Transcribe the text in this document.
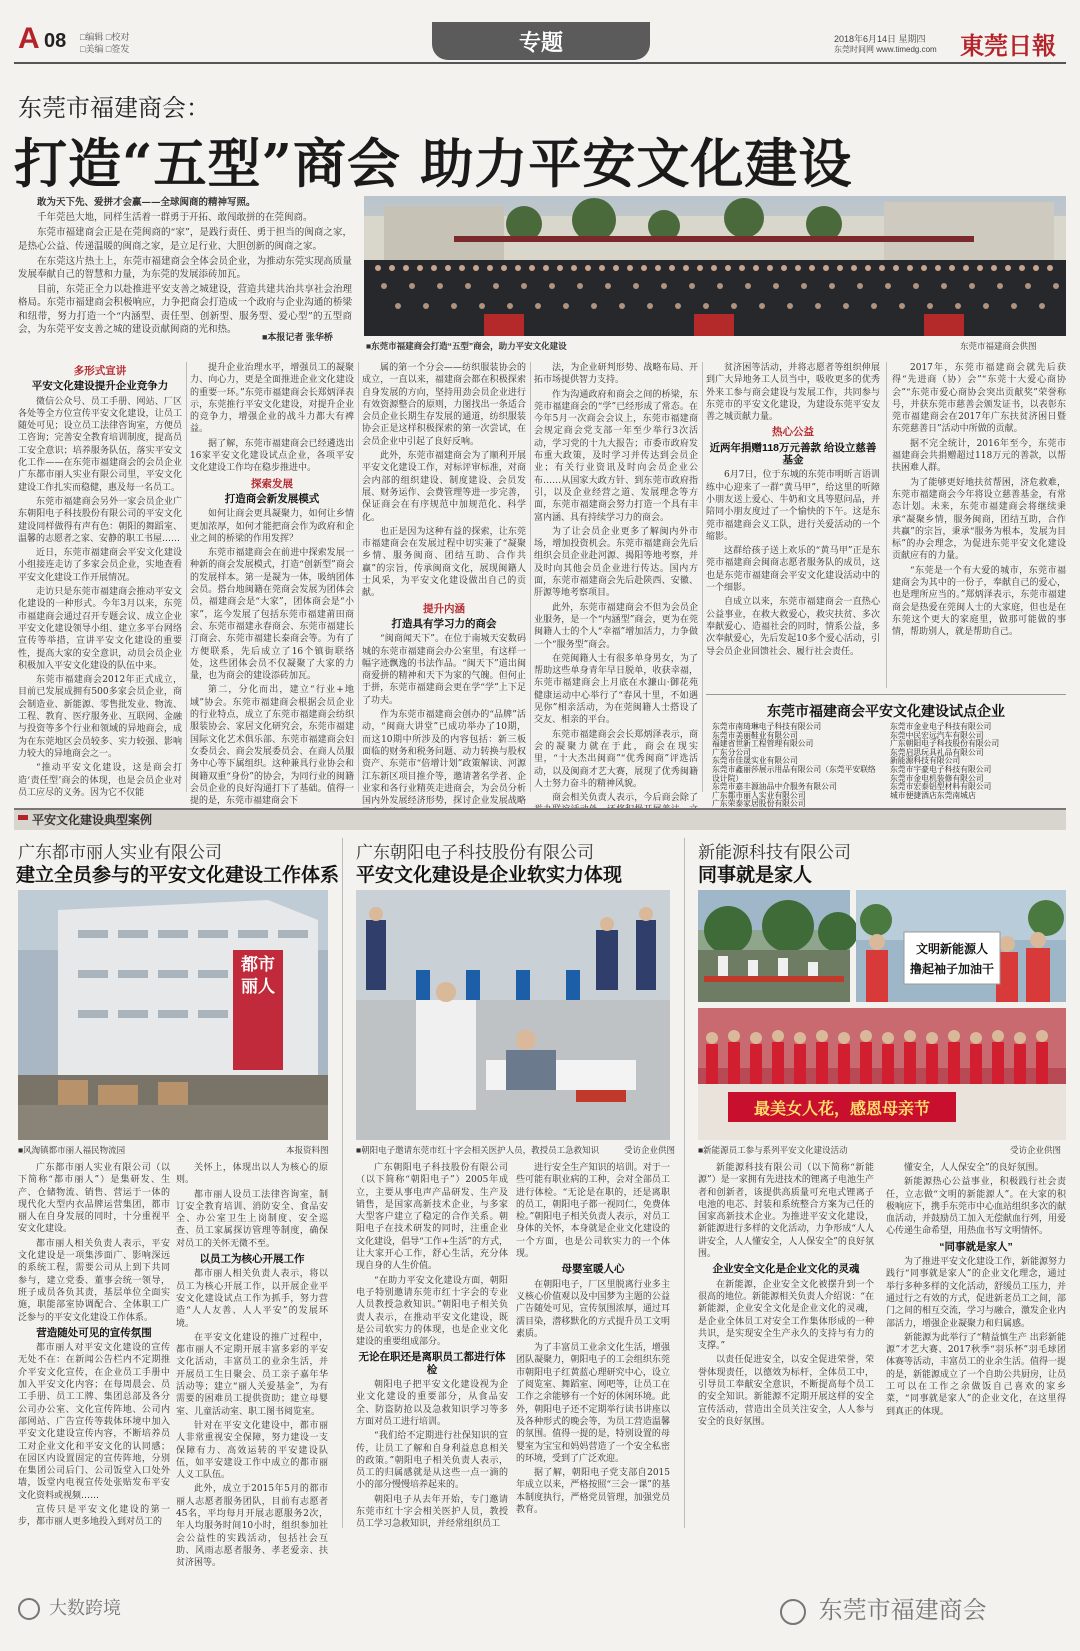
A 08 □编辑 □校对
□美编 □签发	专题	2018年6月14日 星期四
东莞时间网 www.timedg.com 東莞日報
东莞市福建商会：
打造“五型”商会 助力平安文化建设

敢为天下先、爱拼才会赢——全球闽商的精神写照。

千年莞邑大地，同样生活着一群勇于开拓、敢闯敢拼的在莞闽商。

东莞市福建商会正是在莞闽商的“家”，是践行责任、勇于担当的闽商之家，是热心公益、传递温暖的闽商之家，是立足行业、大胆创新的闽商之家。

在东莞这片热土上，东莞市福建商会全体会员企业，为推动东莞实现高质量发展奉献自己的智慧和力量，为东莞的发展添砖加瓦。

目前，东莞正全力以赴推进平安支善之城建设，营造共建共治共享社会治理格局。东莞市福建商会积极响应，力争把商会打造成一个政府与企业沟通的桥梁和纽带，努力打造一个“内涵型、责任型、创新型、服务型、爱心型”的五型商会，为东莞平安支善之城的建设贡献闽商的光和热。

■本报记者 张华桥
■东莞市福建商会打造“五型”商会，助力平安文化建设	东莞市福建商会供图
多形式宣讲
平安文化建设提升企业竞争力

微信公众号、员工手册、网站、厂区各处等全方位宣传平安文化建设，让员工随处可见；设立员工法律咨询室，方便员工咨询；完善安全教育培训制度，提高员工安全意识；培养服务队伍，落实平安文化工作——在东莞市福建商会的会员企业广东都市丽人实业有限公司里，平安文化建设工作扎实而稳健，惠及每一名员工。

东莞市福建商会另外一家会员企业广东朝阳电子科技股份有限公司的平安文化建设同样做得有声有色：朝阳的舞蹈室、温馨的志愿者之家、安静的职工书屋……

近日，东莞市福建商会平安文化建设小组接连走访了多家会员企业，实地查看平安文化建设工作开展情况。

走访只是东莞市福建商会推动平安文化建设的一种形式。今年3月以来，东莞市福建商会通过召开专题会议、成立企业平安文化建设领导小组、建立多平台网络宣传等举措，宣讲平安文化建设的重要性，提高大家的安全意识，动员会员企业积极加入平安文化建设的队伍中来。

东莞市福建商会2012年正式成立，目前已发展成拥有500多家会员企业，商会制造业、新能源、零售批发业、物流、工程、教育、医疗服务业、互联网、金融与投资等多个行业和领域的异地商会，成为在东莞地区会员较多、实力较强、影响力较大的异地商会之一。

“推动平安文化建设，这是商会打造‘责任型’商会的体现，也是会员企业对员工应尽的义务。因为它不仅能

提升企业治理水平，增强员工的凝聚力、向心力，更是全面推进企业文化建设的重要一环。”东莞市福建商会长郑炳泽表示，东莞推行平安文化建设，对提升企业的竞争力，增强企业的战斗力都大有裨益。

据了解，东莞市福建商会已经遴选出16家平安文化建设试点企业，各项平安文化建设工作均在稳步推进中。

探索发展
打造商会新发展模式

如何让商会更具凝聚力，如何让乡情更加浓厚，如何才能把商会作为政府和企业之间的桥梁的作用发挥？

东莞市福建商会在前进中探索发展一种新的商会发展模式，打造“创新型”商会的发展样本。第一是凝为一体，吸纳团体会员。搭台地闽籍在莞商会发展为团体会员，福建商会是“大家”，团体商会是“小家”，迄今发展了包括东莞市福建莆田商会、东莞市福建永春商会、东莞市福建长汀商会、东莞市福建长泰商会等。为有了方便联系，先后成立了16个镇街联络处，这些团体会员不仅凝聚了大家的力量，也为商会的建设添砖加瓦。

第二，分化而出，建立“行业+地域”协会。东莞市福建商会根据会员企业的行业特点，成立了东莞市福建商会纺织服装协会、家居文化研究会，东莞市福建国际文化艺术俱乐部、东莞市福建商会妇女委员会、商会发展委员会、在商人员服务中心等下属组织。这种兼具行业协会和闽籍双重“身份”的协会，为同行业的闽籍会员企业的良好沟通打下了基础。值得一提的是，东莞市福建商会下

属的第一个分会——纺织服装协会的成立，一直以来，福建商会都在积极探索自身发展的方向，坚持用劲会员企业进行有效资源整合的原则，力图找出一条适合会员企业长期生存发展的通道，纺织服装协会正是这样积极探索的第一次尝试，在会员企业中引起了良好反响。

此外，东莞市福建商会为了顺利开展平安文化建设工作，对标评审标准，对商会内部的组织建设、制度建设、会员发展、财务运作、会费管理等进一步完善，保证商会在有序规范中加规范化、科学化。

也正是因为这种有益的探索，让东莞市福建商会在发展过程中切实兼了“凝聚乡情、服务闽商、团结互助、合作共赢”的宗旨，传承闽商文化，展现闽籍人士风采，为平安文化建设做出自己的贡献。

提升内涵
打造具有学习力的商会

“闽商闻天下”。在位于南城天安数码城的东莞市福建商会办公室里，有这样一幅字迹飘逸的书法作品。“闽天下”道出闽商爱拼的精神和天下为家的气魄。但何止于拼，东莞市福建商会更在学“学”上下足了功夫。

作为东莞市福建商会创办的“品牌”活动，“闽商大讲堂”已成功举办了10期，而这10期中所涉及的内容包括：新三板面临的财务和税务问题、动力转换与股权资产、东莞市“倍增计划”政策解读、河源江东新区项目推介等，邀请著名学者、企业家和各行业精英走进商会，为会员分析国内外发展经济形势，探讨企业发展战略

法，为企业研判形势、战略布局、开拓市场提供智力支持。

作为沟通政府和商会之间的桥梁，东莞市福建商会的“学”已经形成了常态。在今年5月一次商会会议上，东莞市福建商会规定商会党支部一年至少举行3次活动，学习党的十九大报告；市委市政府发布重大政策，及时学习并传达到会员企业；有关行业资讯及时向会员企业公布……从国家大政方针、到东莞市政府指引，以及企业经营之道、发展理念等方面，东莞市福建商会努力打造一个具有丰富内涵、具有持续学习力的商会。

为了让会员企业更多了解闽内外市场，增加投资机会。东莞市福建商会先后组织会员企业赴河源、揭阳等地考察，并及时向其他会员企业进行传达。国内方面，东莞市福建商会先后赴陕西、安徽、肝源等地考察项目。

此外，东莞市福建商会不但为会员企业服务，是一个“内涵型”商会，更为在莞闽籍人士的个人“幸福”增加活力，力争做一个“服务型”商会。

在莞闽籍人士有很多单身男女，为了帮助这些单身青年早日脱单，收获幸福，东莞市福建商会上月底在水濂山·御花苑健康运动中心举行了“春风十里，不如遇见你”相亲活动，为在莞闽籍人士搭设了交友、相亲的平台。

东莞市福建商会会长郑炳泽表示，商会的凝聚力就在于此，商会在现实里，“十大杰出闽商”“优秀闽商”评选活动，以及闽商才艺大赛，展现了优秀闽籍人士努力奋斗的精神风貌。

商会相关负责人表示，今后商会除了

贫济困等活动，并将志愿者等组织伸展到广大异地务工人员当中，吸收更多的优秀外来工参与商会建设与发展工作，共同参与东莞市的平安文化建设，为建设东莞平安友善之城贡献力量。

热心公益
近两年捐赠118万元善款 给设立慈善基金

6月7日，位于东城的东莞市明昕言语训练中心迎来了一群“黄马甲”，给这里的听障小朋友送上爱心、牛奶和文具等慰问品，并陪同小朋友度过了一个愉快的下午。这是东莞市福建商会义工队，进行关爱活动的一个缩影。

这群给孩子送上欢乐的“黄马甲”正是东莞市福建商会闽商志愿者服务队的成员，这也是东莞市福建商会平安文化建设活动中的一个细影。

自成立以来，东莞市福建商会一直热心公益事业，在救大救爱心，救灾扶贫、多次奉献爱心、造福社会的同时，情系公益，多次奉献爱心，先后发起10多个爱心活动，引导会员企业回馈社会、履行社会责任。

2017年，东莞市福建商会就先后获得“先进商（协）会”“东莞十大爱心商协会”“东莞市爱心商协会突出贡献奖”荣誉称号，并获东莞市慈善会颁发证书，以表彰东莞市福建商会在2017年广东扶贫济困日暨东莞慈善日”活动中所做的贡献。

据不完全统计，2016年至今，东莞市福建商会共捐赠超过118万元的善款，以帮扶困难人群。

为了能够更好地扶贫帮困，济危救难，东莞市福建商会今年将设立慈善基金，有常态计划。未来，东莞市福建商会将继续秉承“凝聚乡情，服务闽商，团结互助，合作共赢”的宗旨，秉承“服务为根本，发展为目标”的办会理念，为促进东莞平安文化建设贡献应有的力量。

“东莞是一个有大爱的城市，东莞市福建商会为其中的一份子，奉献自己的爱心，也是理所应当的。”郑炳泽表示，东莞市福建商会是热爱在莞闽人士的大家庭，但也是在东莞这个更大的家庭里，做那可能做的事情，帮助别人，就是帮助自己。

东莞市福建商会平安文化建设试点企业
东莞市南琦琳电子科技有限公司
东莞市美丽鞋业有限公司
福建省世新工程管理有限公司
广东分公司
东莞市佳晟实业有限公司
东莞市鑫丽莎展示用品有限公司（东莞平安联络设计院）
东莞市嘉丰源油品中介服务有限公司
广东都市丽人实业有限公司
广东荣泰家居股份有限公司
东莞市金业电子科技有限公司
东莞中民宏远汽车有限公司
广东朝阳电子科技股份有限公司
东莞启思玩具礼品有限公司
新能源科技有限公司
东莞市宇豪电子科技有限公司
东莞市金电机装修有限公司
东莞市宏泰铝型材料有限公司
城市便捷酒店东莞南城店
平安文化建设典型案例
广东都市丽人实业有限公司
建立全员参与的平安文化建设工作体系
都市丽人
■风淘镇都市丽人福民物流园	本报资料图

广东都市丽人实业有限公司（以下简称“都市丽人”）是集研发、生产、仓储物流、销售、营运于一体的现代化大型内衣品牌运营集团，都市丽人在自身发展的同时，十分重视平安文化建设。

都市丽人相关负责人表示，平安文化建设是一项集涉面广、影响深远的系统工程，需要公司从上到下共同参与，建立党委、董事会统一领导，班子成员各负其责，基层单位全面实施，职能部室协调配合、全体职工广泛参与的平安文化建设工作体系。

营造随处可见的宣传氛围

都市丽人对平安文化建设的宣传无处不在：在新闻公告栏内不定期推介平安文化宣传，在企业员工手册中加入平安文化内容；在每周晨会、员工手册、员工工牌、集团总部及各分公司办公室、文化宣传阵地、公司内部网站、广告宣传等载体环境中加入平安文化建设宣传内容，不断培养员工对企业文化和平安文化的认同感；在园区内设置固定的宣传阵地，分别在集团公司后门、公司饭堂入口处外墙，饭堂内电视宣传处张贴发布平安文化资料或视频……

宣传只是平安文化建设的第一步，都市丽人更多地投入到对员工的

关怀上，体现出以人为核心的原则。

都市丽人设员工法律咨询室，制订安全教育培训、消防安全、食品安全、办公室卫生上岗制度、安全巡查、员工家属探访管理等制度，确保对员工的关怀无微不至。

以员工为核心开展工作

都市丽人相关负责人表示，将以员工为核心开展工作，以开展企业平安文化建设试点工作为抓手，努力营造“人人友善、人人平安”的发展环境。

在平安文化建设的推广过程中，都市丽人不定期开展丰富多彩的平安文化活动，丰富员工的业余生活，并开展员工生日聚会、员工亲子嘉年华活动等；建立“丽人关爱基金”，为有需要的困难员工提供资助；建立母婴室、儿童活动室、职工图书阅览室。

针对在平安文化建设中，都市丽人非常重视安全保障，努力建设一支保障有力、高效运转的平安建设队伍，如平安建设工作中成立的都市丽人义工队伍。

此外，成立于2015年5月的都市丽人志愿者服务团队，目前有志愿者45名，平均每月开展志愿服务2次，年人均服务时间10小时，组织参加社会公益性的实践活动，包括社会互助、风雨志愿者服务、孝老爱亲、扶贫济困等。

广东朝阳电子科技股份有限公司
平安文化建设是企业软实力体现
■朝阳电子邀请东莞市红十字会相关医护人员，教授员工急救知识	受访企业供图

广东朝阳电子科技股份有限公司（以下简称“朝阳电子”）2005年成立，主要从事电声产品研发、生产及销售，是国家高新技术企业，与多家大型客户建立了稳定的合作关系。朝阳电子在技术研发的同时，注重企业文化建设，倡导“工作+生活”的方式，让大家开心工作，舒心生活，充分体现自身的人生价值。

“在助力平安文化建设方面，朝阳电子特别邀请东莞市红十字会的专业人员教授急救知识。”朝阳电子相关负责人表示，在推动平安文化建设，既是公司软实力的体现，也是企业文化建设的重要组成部分。

无论在职还是离职员工都进行体检

朝阳电子把平安文化建设视为企业文化建设的重要部分，从食品安全、防盗防抢以及急救知识学习等多方面对员工进行培训。

“我们给不定期进行社保知识的宣传，让员工了解和自身利益息息相关的政策。”朝阳电子相关负责人表示，员工的归属感就是从这些一点一滴的小的部分慢慢培养起来的。

朝阳电子从去年开始，专门邀请东莞市红十字会相关医护人员，教授员工学习急救知识，并经常组织员工

进行安全生产知识的培训。对于一些可能有职业病的工种，会对全部员工进行体检。“无论是在职的，还是离职的员工，朝阳电子都一视同仁，免费体检。”朝阳电子相关负责人表示，对员工身体的关怀，本身就是企业文化建设的一个方面，也是公司软实力的一个体现。

母婴室暖人心

在朝阳电子，厂区里脱离行业多主义核心价值观以及中国梦为主题的公益广告随处可见，宣传氛围浓厚，通过耳濡目染，潜移默化的方式提升员工文明素质。

为了丰富员工业余文化生活，增强团队凝聚力，朝阳电子的工会组织东莞市朝阳电子红黄蓝心理研究中心，设立了阅览室、舞蹈室、网吧等，让员工在工作之余能够有一个好的休闲环境。此外，朝阳电子还不定期举行读书讲座以及各种形式的晚会等，为员工营造温馨的氛围。值得一提的是，特别设置的母婴室为宝宝和妈妈营造了一个安全私密的环境，受到了广泛欢迎。

据了解，朝阳电子党支部自2015年成立以来，严格按照“三会一课”的基本制度执行，严格党员管理，加强党员教育。

新能源科技有限公司
同事就是家人
文明新能源人
撸起袖子加油干
最美女人花，感恩母亲节
■新能源员工参与系列平安文化建设活动	受访企业供图

新能源科技有限公司（以下简称“新能源”）是一家拥有先进技术的锂离子电池生产者和创新者，该提供高质量可充电式锂离子电池的电芯、封装和系统整合方案为己任的国家高新技术企业。为推进平安文化建设，新能源进行多样的文化活动，力争形成“人人讲安全，人人懂安全，人人保安全”的良好氛围。

企业安全文化是企业文化的灵魂

在新能源，企业安全文化被摆升到一个很高的地位。新能源相关负责人介绍说：“在新能源，企业安全文化是企业文化的灵魂，是企业全体员工对安全工作集体形成的一种共识，是实现安全生产永久的支持与有力的支撑。”

以责任促进安全，以安全促进荣誉，荣誉体现责任，以德效为标杆，全体员工中，引导员工奉献安全意识，不断提高每个员工的安全知识。新能源不定期开展这样的安全宣传活动，营造出全员关注安全，人人参与安全的良好氛围。

懂安全，人人保安全”的良好氛围。

新能源热心公益事业，积极践行社会责任，立志做“文明的新能源人”。在大家的积极响应下，携手东莞市中心血站组织多次的献血活动，并鼓励员工加入无偿献血行列，用爱心传递生命希望，用热血书写文明情怀。

“同事就是家人”

为了推进平安文化建设工作，新能源努力践行“同事就是家人”的企业文化理念，通过举行多种多样的文化活动，舒缓员工压力，并通过行之有效的方式，促进新老员工之间，部门之间的相互交流，学习与融合，激发企业内部活力，增强企业凝聚力和归属感。

新能源为此举行了“精益慎生产 出彩新能源”才艺大赛、2017秋季“羽乐杯”羽毛球团体赛等活动，丰富员工的业余生活。值得一提的是，新能源成立了一个自助公共厨房，让员工可以在工作之余做饭自己喜欢的家乡菜，“同事就是家人”的企业文化，在这里得到真正的体现。

大数跨境	东莞市福建商会
